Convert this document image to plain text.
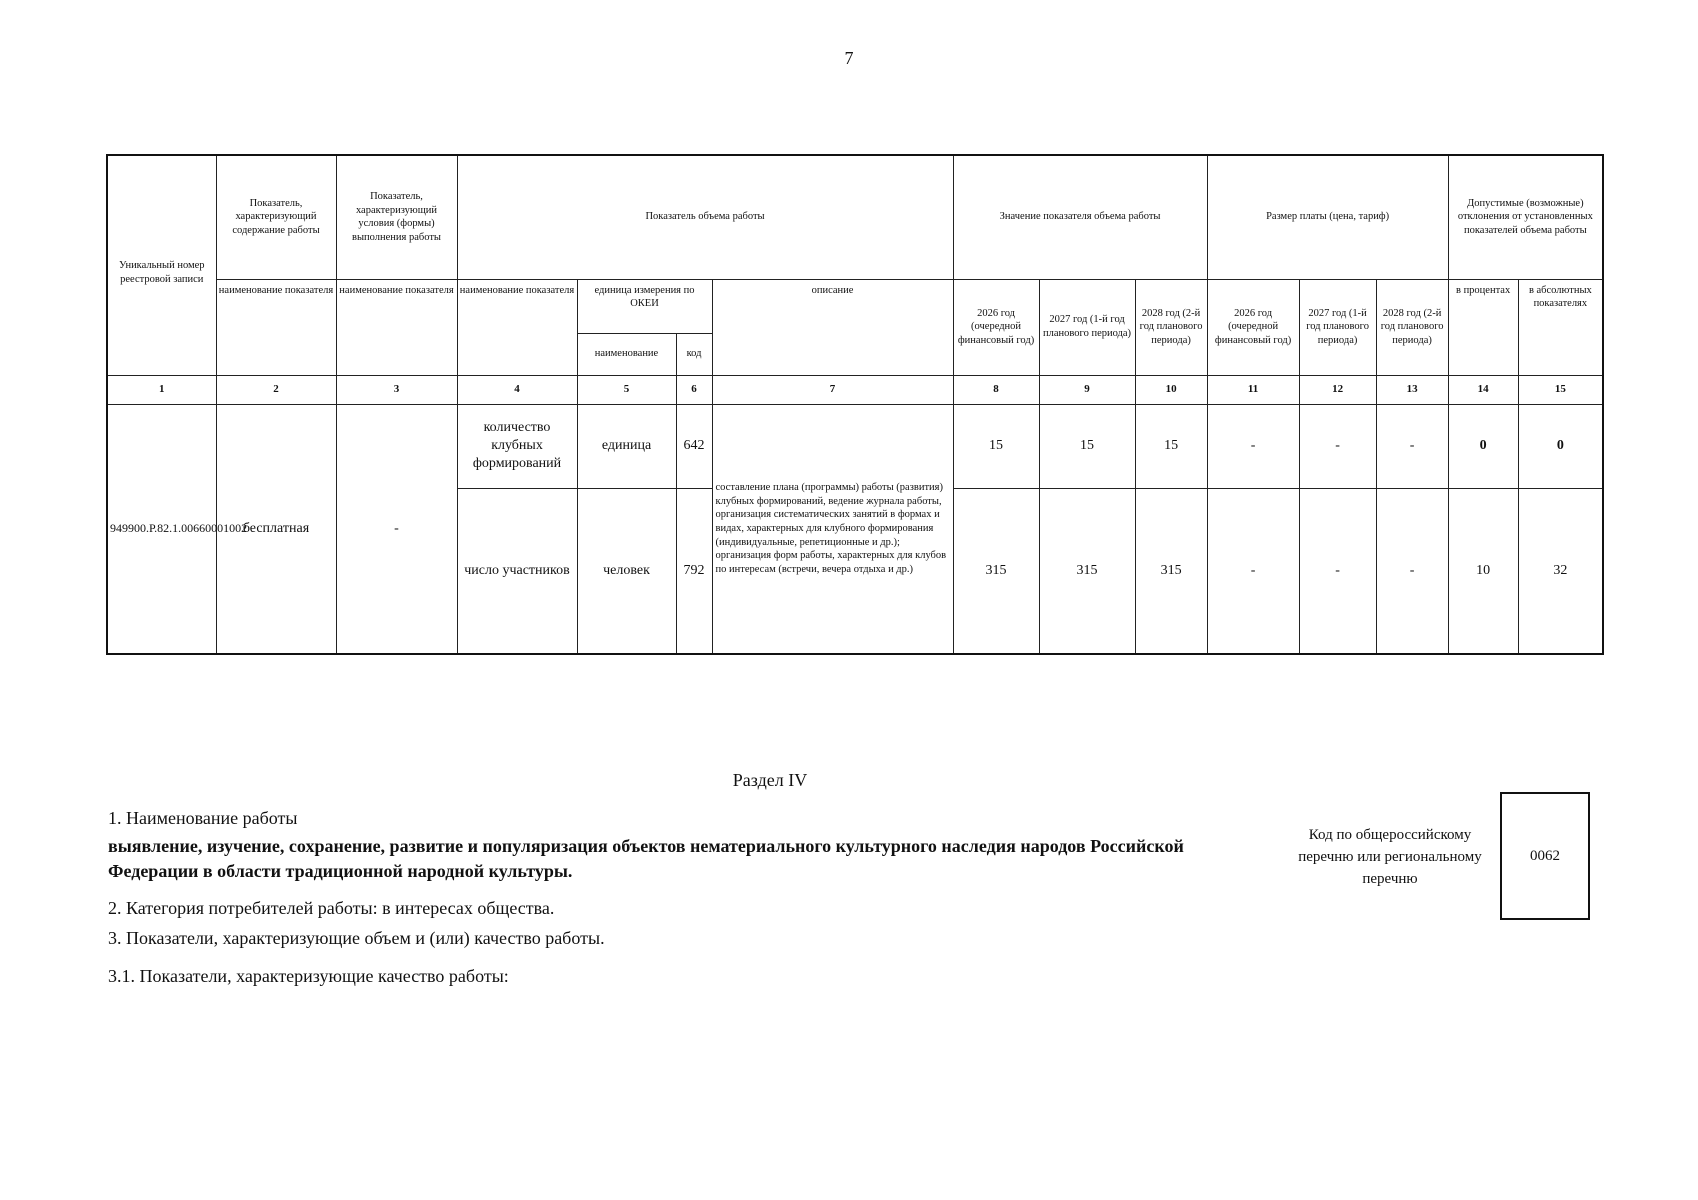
7
Уникальный номер реестровой записи	Показатель, характеризующий содержание работы	Показатель, характеризующий условия (формы) выполнения работы	Показатель объема работы				Значение показателя объема работы			Размер платы (цена, тариф)			Допустимые (возможные) отклонения от установленных показателей объема работы	
	наименование показателя	наименование показателя	наименование показателя	единица измерения по ОКЕИ		описание	2026 год (очередной финансовый год)	2027 год (1-й год планового периода)	2028 год (2-й год планового периода)	2026 год (очередной финансовый год)	2027 год (1-й год планового периода)	2028 год (2-й год планового периода)	в процентах	в абсолютных показателях
				наименование	код									
1	2	3	4	5	6	7	8	9	10	11	12	13	14	15
949900.Р.82.1.00660001002	бесплатная	-	количество клубных формирований	единица	642	составление плана (программы) работы (развития) клубных формирований, ведение журнала работы, организация систематических занятий в формах и видах, характерных для клубного формирования (индивидуальные, репетиционные и др.); организация форм работы, характерных для клубов по интересам (встречи, вечера отдыха и др.)	15	15	15	-	-	-	0	0
			число участников	человек	792		315	315	315	-	-	-	10	32
Раздел IV
1. Наименование работы
выявление, изучение, сохранение, развитие и популяризация объектов нематериального культурного наследия народов Российской Федерации в области традиционной народной культуры.
Код по общероссийскому перечню или региональному перечню
0062
2. Категория потребителей работы: в интересах общества.
3. Показатели, характеризующие объем и (или) качество работы.
3.1. Показатели, характеризующие качество работы:
